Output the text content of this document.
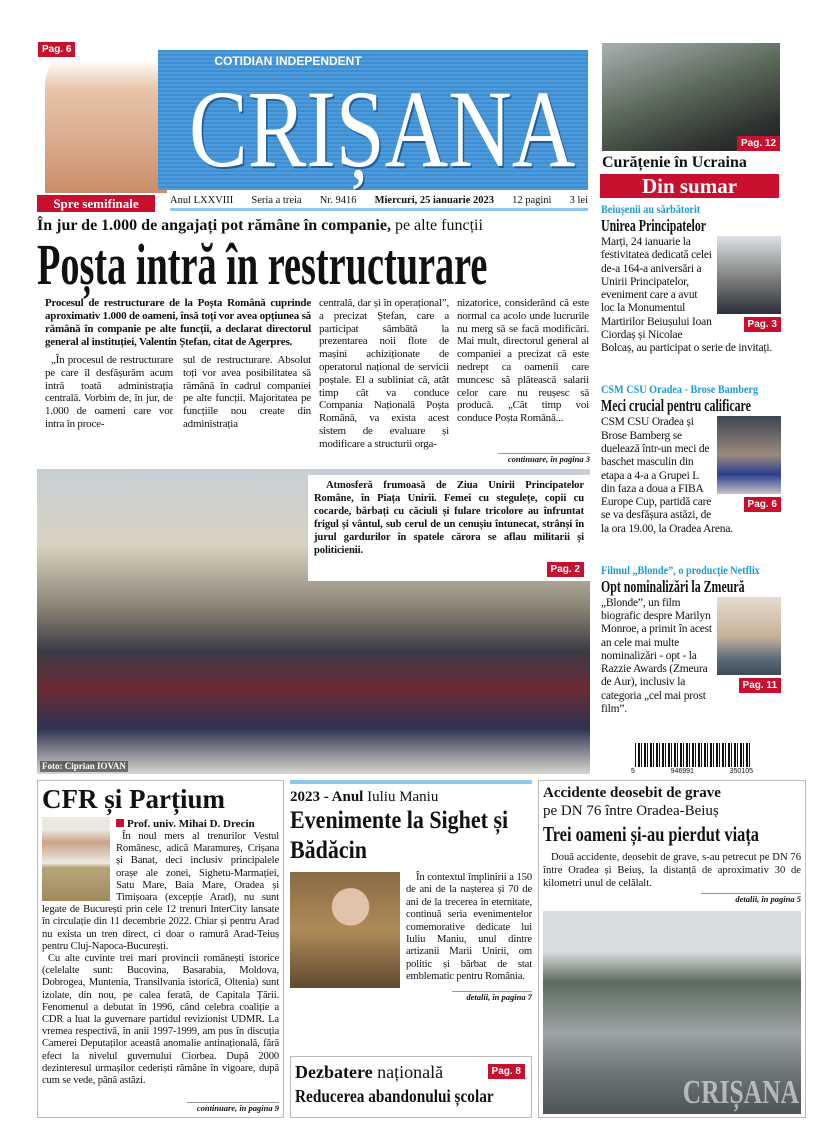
Pag. 6
Spre semifinale
COTIDIAN INDEPENDENT
CRIȘANA
Anul LXXVIII Seria a treia Nr. 9416 Miercuri, 25 ianuarie 2023 12 pagini 3 lei
Pag. 12
Curățenie în Ucraina
Din sumar
Beiușenii au sărbătorit
Unirea Principatelor
Pag. 3
Marți, 24 ianuarie la festivitatea dedicată celei de-a 164-a aniversări a Unirii Principatelor, eveniment care a avut loc la Monumentul Martirilor Beiușului Ioan Ciordaș și Nicolae Bolcaș, au participat o serie de invitați.
CSM CSU Oradea - Brose Bamberg
Meci crucial pentru calificare
Pag. 6
CSM CSU Oradea și Brose Bamberg se duelează într-un meci de baschet masculin din etapa a 4-a a Grupei L din faza a doua a FIBA Europe Cup, partidă care se va desfășura astăzi, de la ora 19.00, la Oradea Arena.
Filmul „Blonde”, o producție Netflix
Opt nominalizări la Zmeură
Pag. 11
„Blonde”, un film biografic despre Marilyn Monroe, a primit în acest an cele mai multe nominalizări - opt - la Razzie Awards (Zmeura de Aur), inclusiv la categoria „cel mai prost film”.
5	946991	350105
În jur de 1.000 de angajați pot rămâne în companie, pe alte funcții
Poșta intră în restructurare
Procesul de restructurare de la Poșta Română cuprinde aproximativ 1.000 de oameni, însă toți vor avea opțiunea să rămână în companie pe alte funcții, a declarat directorul general al instituției, Valentin Ștefan, citat de Agerpres.
„În procesul de restructurare pe care îl desfășurăm acum intră toată administrația centrală. Vorbim de, în jur, de 1.000 de oameni care vor intra în proce-
sul de restructurare. Absolut toți vor avea posibilitatea să rămână în cadrul companiei pe alte funcții. Majoritatea pe funcțiile nou create din administrația
centrală, dar și în operațional”, a precizat Ștefan, care a participat sâmbătă la prezentarea noii flote de mașini achiziționate de operatorul național de servicii poștale. El a subliniat că, atât timp cât va conduce Compania Națională Poșta Română, va exista acest sistem de evaluare și modificare a structurii orga-
nizatorice, considerând că este normal ca acolo unde lucrurile nu merg să se facă modificări. Mai mult, directorul general al companiei a precizat că este nedrept ca oamenii care muncesc să plătească salarii celor care nu reușesc să producă. „Cât timp voi conduce Poșta Română...
continuare, în pagina 3
Atmosferă frumoasă de Ziua Unirii Principatelor Române, în Piața Unirii. Femei cu stegulețe, copii cu cocarde, bărbați cu căciuli și fulare tricolore au înfruntat frigul și vântul, sub cerul de un cenușiu întunecat, strânși în jurul gardurilor în spatele cărora se aflau militarii și politicienii.
Pag. 2
Foto: Ciprian IOVAN
CFR și Parțium
Prof. univ. Mihai D. Drecin
În noul mers al trenurilor Vestul Românesc, adică Maramureș, Crișana și Banat, deci inclusiv principalele orașe ale zonei, Sighetu-Marmației, Satu Mare, Baia Mare, Oradea și Timișoara (excepție Arad), nu sunt legate de București prin cele 12 trenuri InterCity lansate în circulație din 11 decembrie 2022. Chiar și pentru Arad nu exista un tren direct, ci doar o ramură Arad-Teiuș pentru Cluj-Napoca-București.
Cu alte cuvinte trei mari provincii românești istorice (celelalte sunt: Bucovina, Basarabia, Moldova, Dobrogea, Muntenia, Transilvania istorică, Oltenia) sunt izolate, din nou, pe calea ferată, de Capitala Țării. Fenomenul a debutat în 1996, când celebra coaliție a CDR a luat la guvernare partidul revizionist UDMR. La vremea respectivă, în anii 1997-1999, am pus în discuția Camerei Deputaților această anomalie antinațională, fără efect la nivelul guvernului Ciorbea. După 2000 dezinteresul urmașilor cederiști rămâne în vigoare, după cum se vede, până astăzi.
continuare, în pagina 9
2023 - Anul Iuliu Maniu
Evenimente la Sighet și Bădăcin
În contextul împlinirii a 150 de ani de la nașterea și 70 de ani de la trecerea în eternitate, continuă seria evenimentelor comemorative dedicate lui Iuliu Maniu, unul dintre artizanii Marii Unirii, om politic și bărbat de stat emblematic pentru România.
detalii, în pagina 7
Dezbatere națională
Reducerea abandonului școlar
Pag. 8
Accidente deosebit de grave
pe DN 76 între Oradea-Beiuș
Trei oameni și-au pierdut viața
Două accidente, deosebit de grave, s-au petrecut pe DN 76 între Oradea și Beiuș, la distanță de aproximativ 30 de kilometri unul de celălalt.
detalii, în pagina 5
CRIȘANA
